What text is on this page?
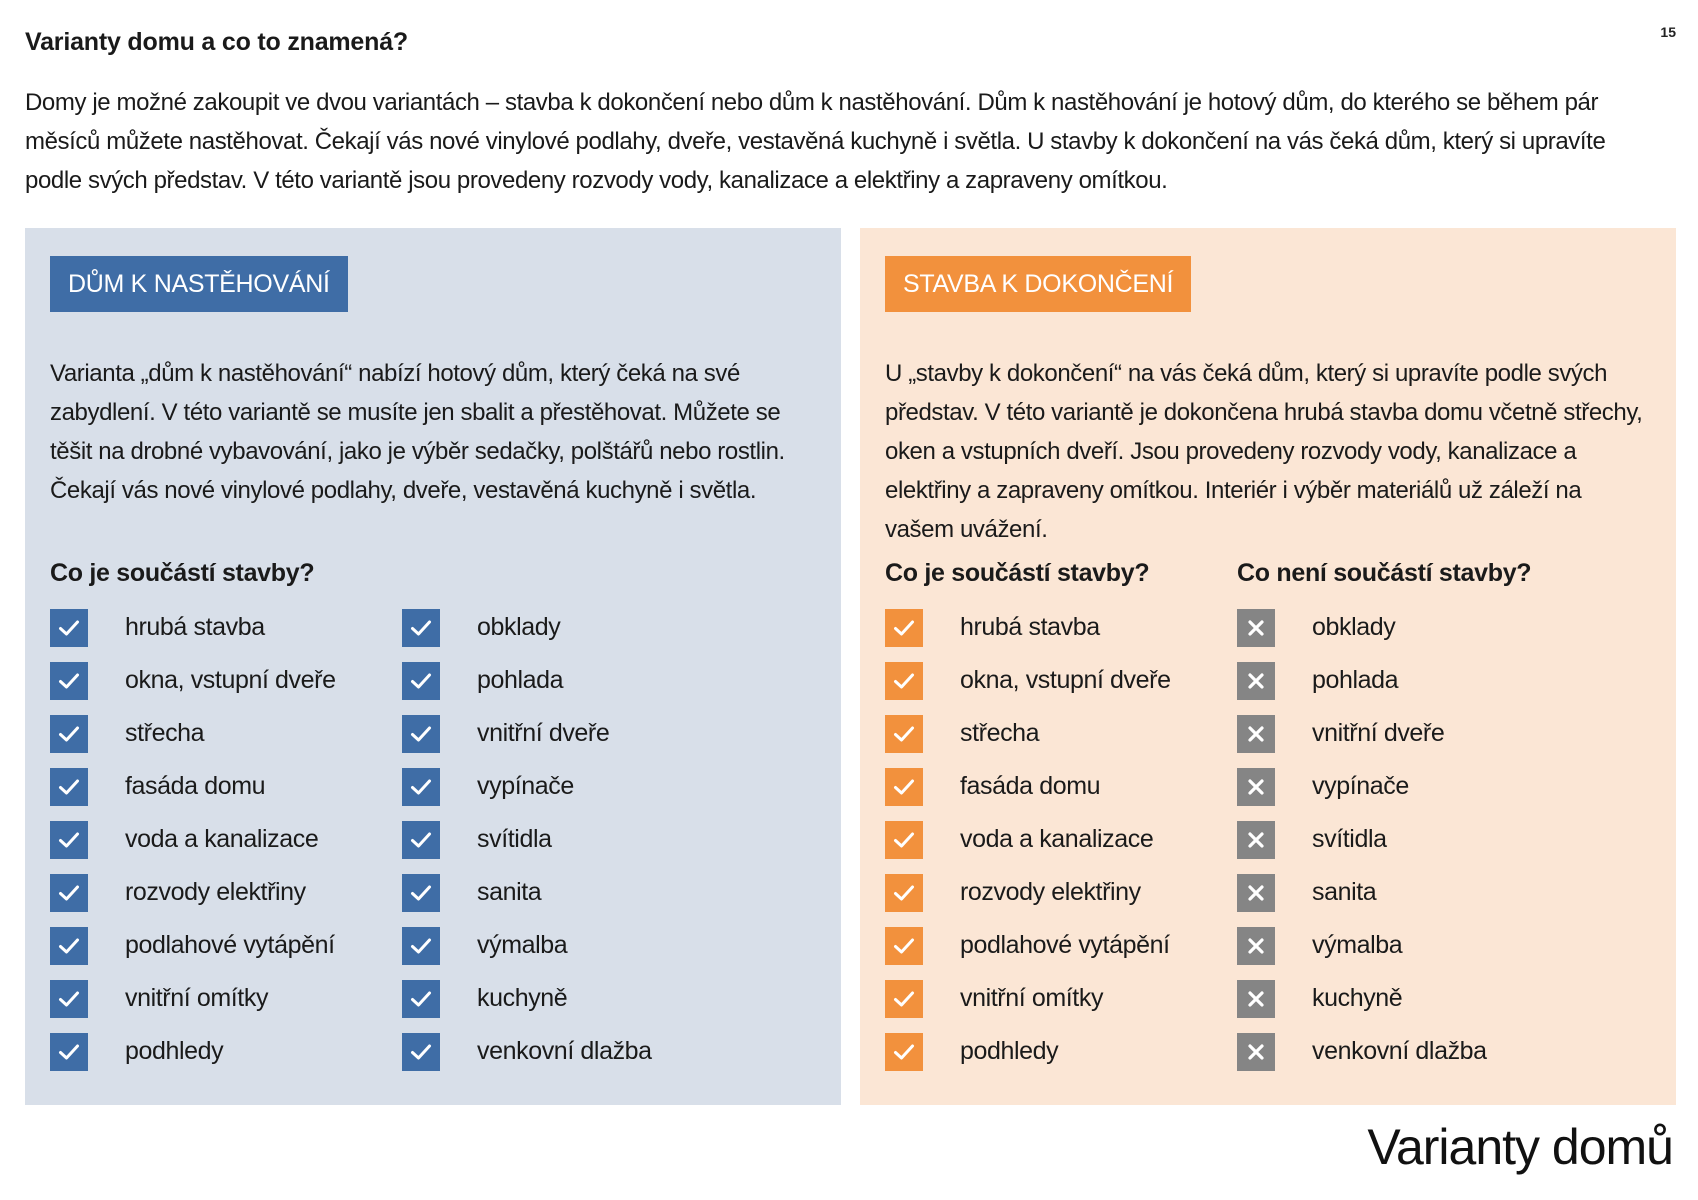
15
Varianty domu a co to znamená?

Domy je možné zakoupit ve dvou variantách – stavba k dokončení nebo dům k nastěhování. Dům k nastěhování je hotový dům, do kterého se během pár měsíců můžete nastěhovat. Čekají vás nové vinylové podlahy, dveře, vestavěná kuchyně i světla. U stavby k dokončení na vás čeká dům, který si upravíte podle svých představ. V této variantě jsou provedeny rozvody vody, kanalizace a elektřiny a zapraveny omítkou.

DŮM K NASTĚHOVÁNÍ

Varianta „dům k nastěhování“ nabízí hotový dům, který čeká na své zabydlení. V této variantě se musíte jen sbalit a přestěhovat. Můžete se těšit na drobné vybavování, jako je výběr sedačky, polštářů nebo rostlin. Čekají vás nové vinylové podlahy, dveře, vestavěná kuchyně i světla.

Co je součástí stavby?
hrubá stavba
okna, vstupní dveře
střecha
fasáda domu
voda a kanalizace
rozvody elektřiny
podlahové vytápění
vnitřní omítky
podhledy

obklady
pohlada
vnitřní dveře
vypínače
svítidla
sanita
výmalba
kuchyně
venkovní dlažba
STAVBA K DOKONČENÍ

U „stavby k dokončení“ na vás čeká dům, který si upravíte podle svých představ. V této variantě je dokončena hrubá stavba domu včetně střechy, oken a vstupních dveří. Jsou provedeny rozvody vody, kanalizace a elektřiny a zapraveny omítkou. Interiér i výběr materiálů už záleží na vašem uvážení.

Co je součástí stavby?
hrubá stavba
okna, vstupní dveře
střecha
fasáda domu
voda a kanalizace
rozvody elektřiny
podlahové vytápění
vnitřní omítky
podhledy
Co není součástí stavby?
obklady
pohlada
vnitřní dveře
vypínače
svítidla
sanita
výmalba
kuchyně
venkovní dlažba
Varianty domů
